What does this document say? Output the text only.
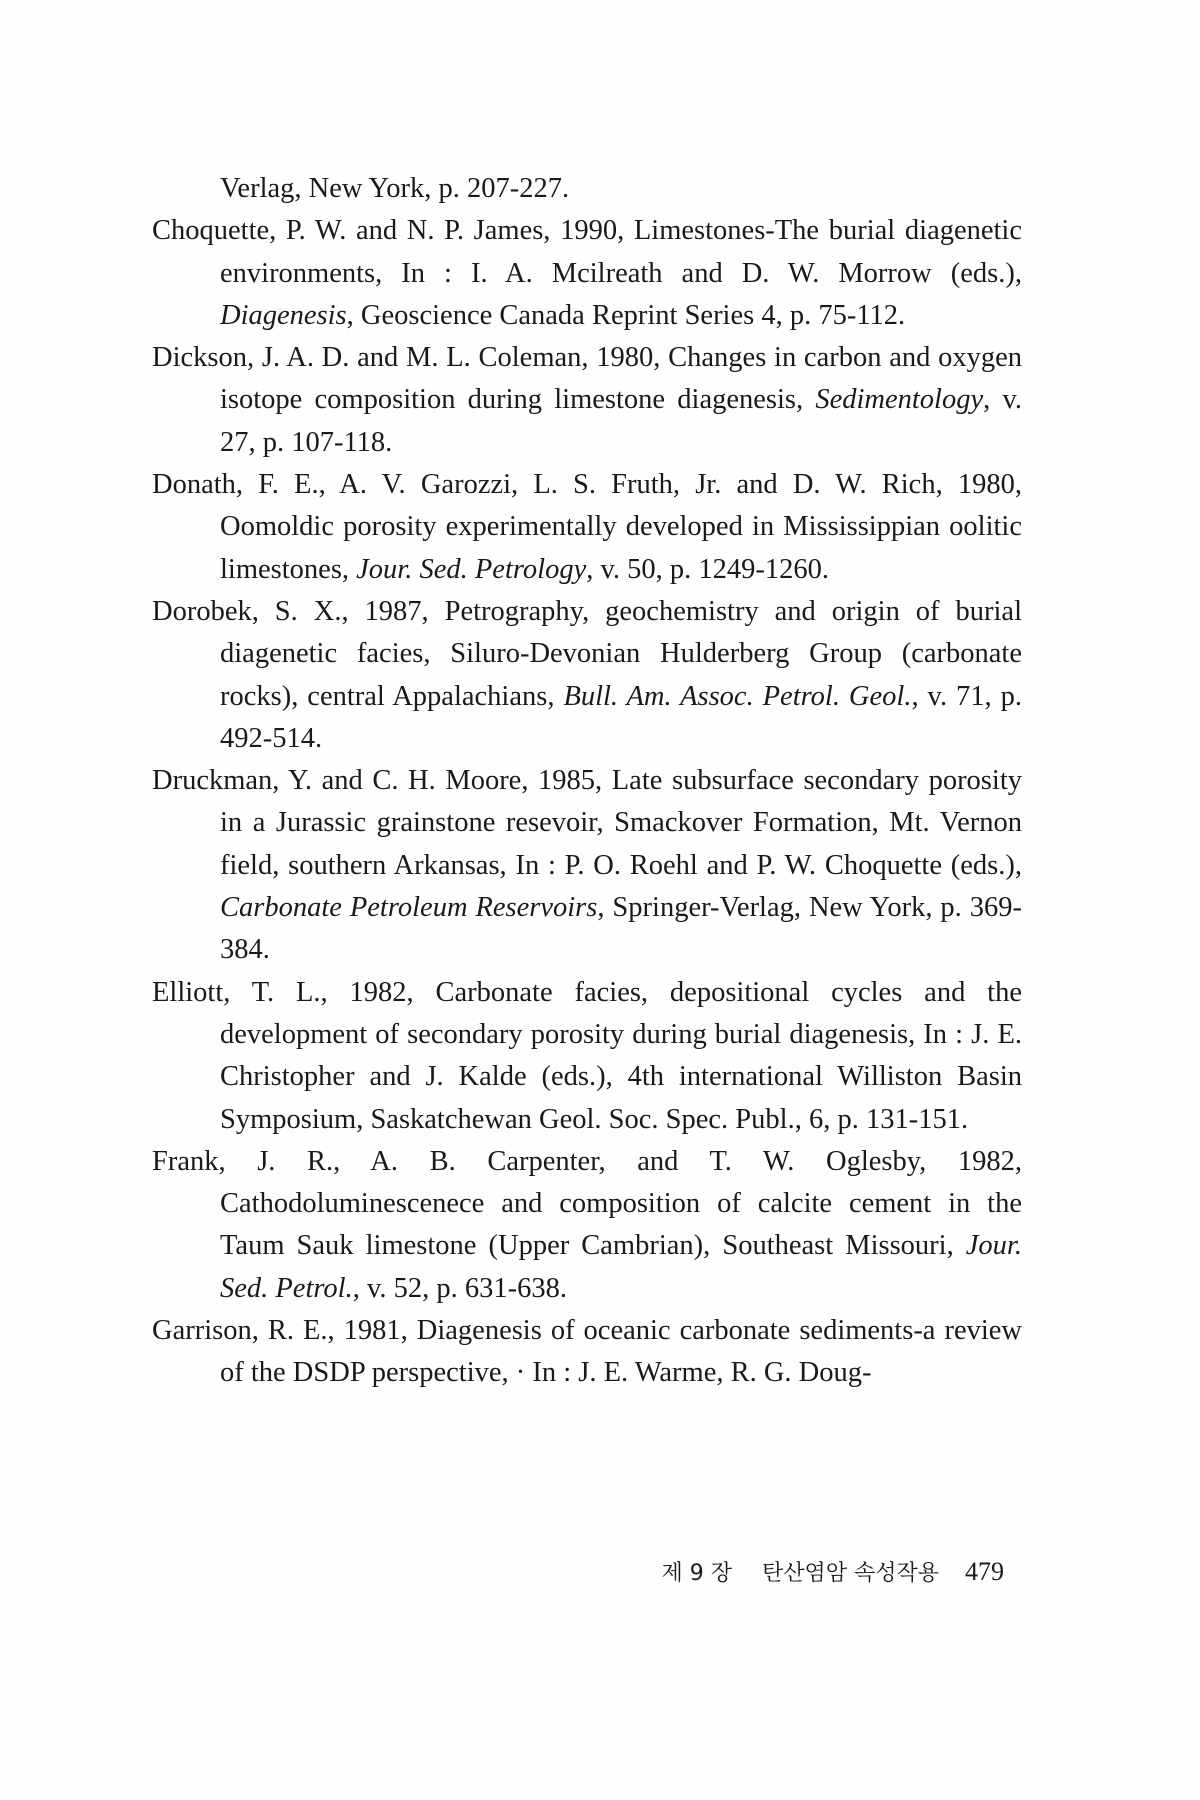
Verlag, New York, p. 207-227.
Choquette, P. W. and N. P. James, 1990, Limestones-The burial diagenetic environments, In : I. A. Mcilreath and D. W. Morrow (eds.), Diagenesis, Geoscience Canada Reprint Series 4, p. 75-112.
Dickson, J. A. D. and M. L. Coleman, 1980, Changes in carbon and oxygen isotope composition during limestone diagenesis, Sedimentology, v. 27, p. 107-118.
Donath, F. E., A. V. Garozzi, L. S. Fruth, Jr. and D. W. Rich, 1980, Oomoldic porosity experimentally developed in Mississippian oolitic limestones, Jour. Sed. Petrology, v. 50, p. 1249-1260.
Dorobek, S. X., 1987, Petrography, geochemistry and origin of burial diagenetic facies, Siluro-Devonian Hulderberg Group (carbonate rocks), central Appalachians, Bull. Am. Assoc. Petrol. Geol., v. 71, p. 492-514.
Druckman, Y. and C. H. Moore, 1985, Late subsurface secondary porosity in a Jurassic grainstone resevoir, Smackover Formation, Mt. Vernon field, southern Arkansas, In : P. O. Roehl and P. W. Choquette (eds.), Carbonate Petroleum Reservoirs, Springer-Verlag, New York, p. 369-384.
Elliott, T. L., 1982, Carbonate facies, depositional cycles and the development of secondary porosity during burial diagenesis, In : J. E. Christopher and J. Kalde (eds.), 4th international Williston Basin Symposium, Saskatchewan Geol. Soc. Spec. Publ., 6, p. 131-151.
Frank, J. R., A. B. Carpenter, and T. W. Oglesby, 1982, Cathodoluminescenece and composition of calcite cement in the Taum Sauk limestone (Upper Cambrian), Southeast Missouri, Jour. Sed. Petrol., v. 52, p. 631-638.
Garrison, R. E., 1981, Diagenesis of oceanic carbonate sediments-a review of the DSDP perspective, · In : J. E. Warme, R. G. Doug-
제 9 장 탄산염암 속성작용 479
